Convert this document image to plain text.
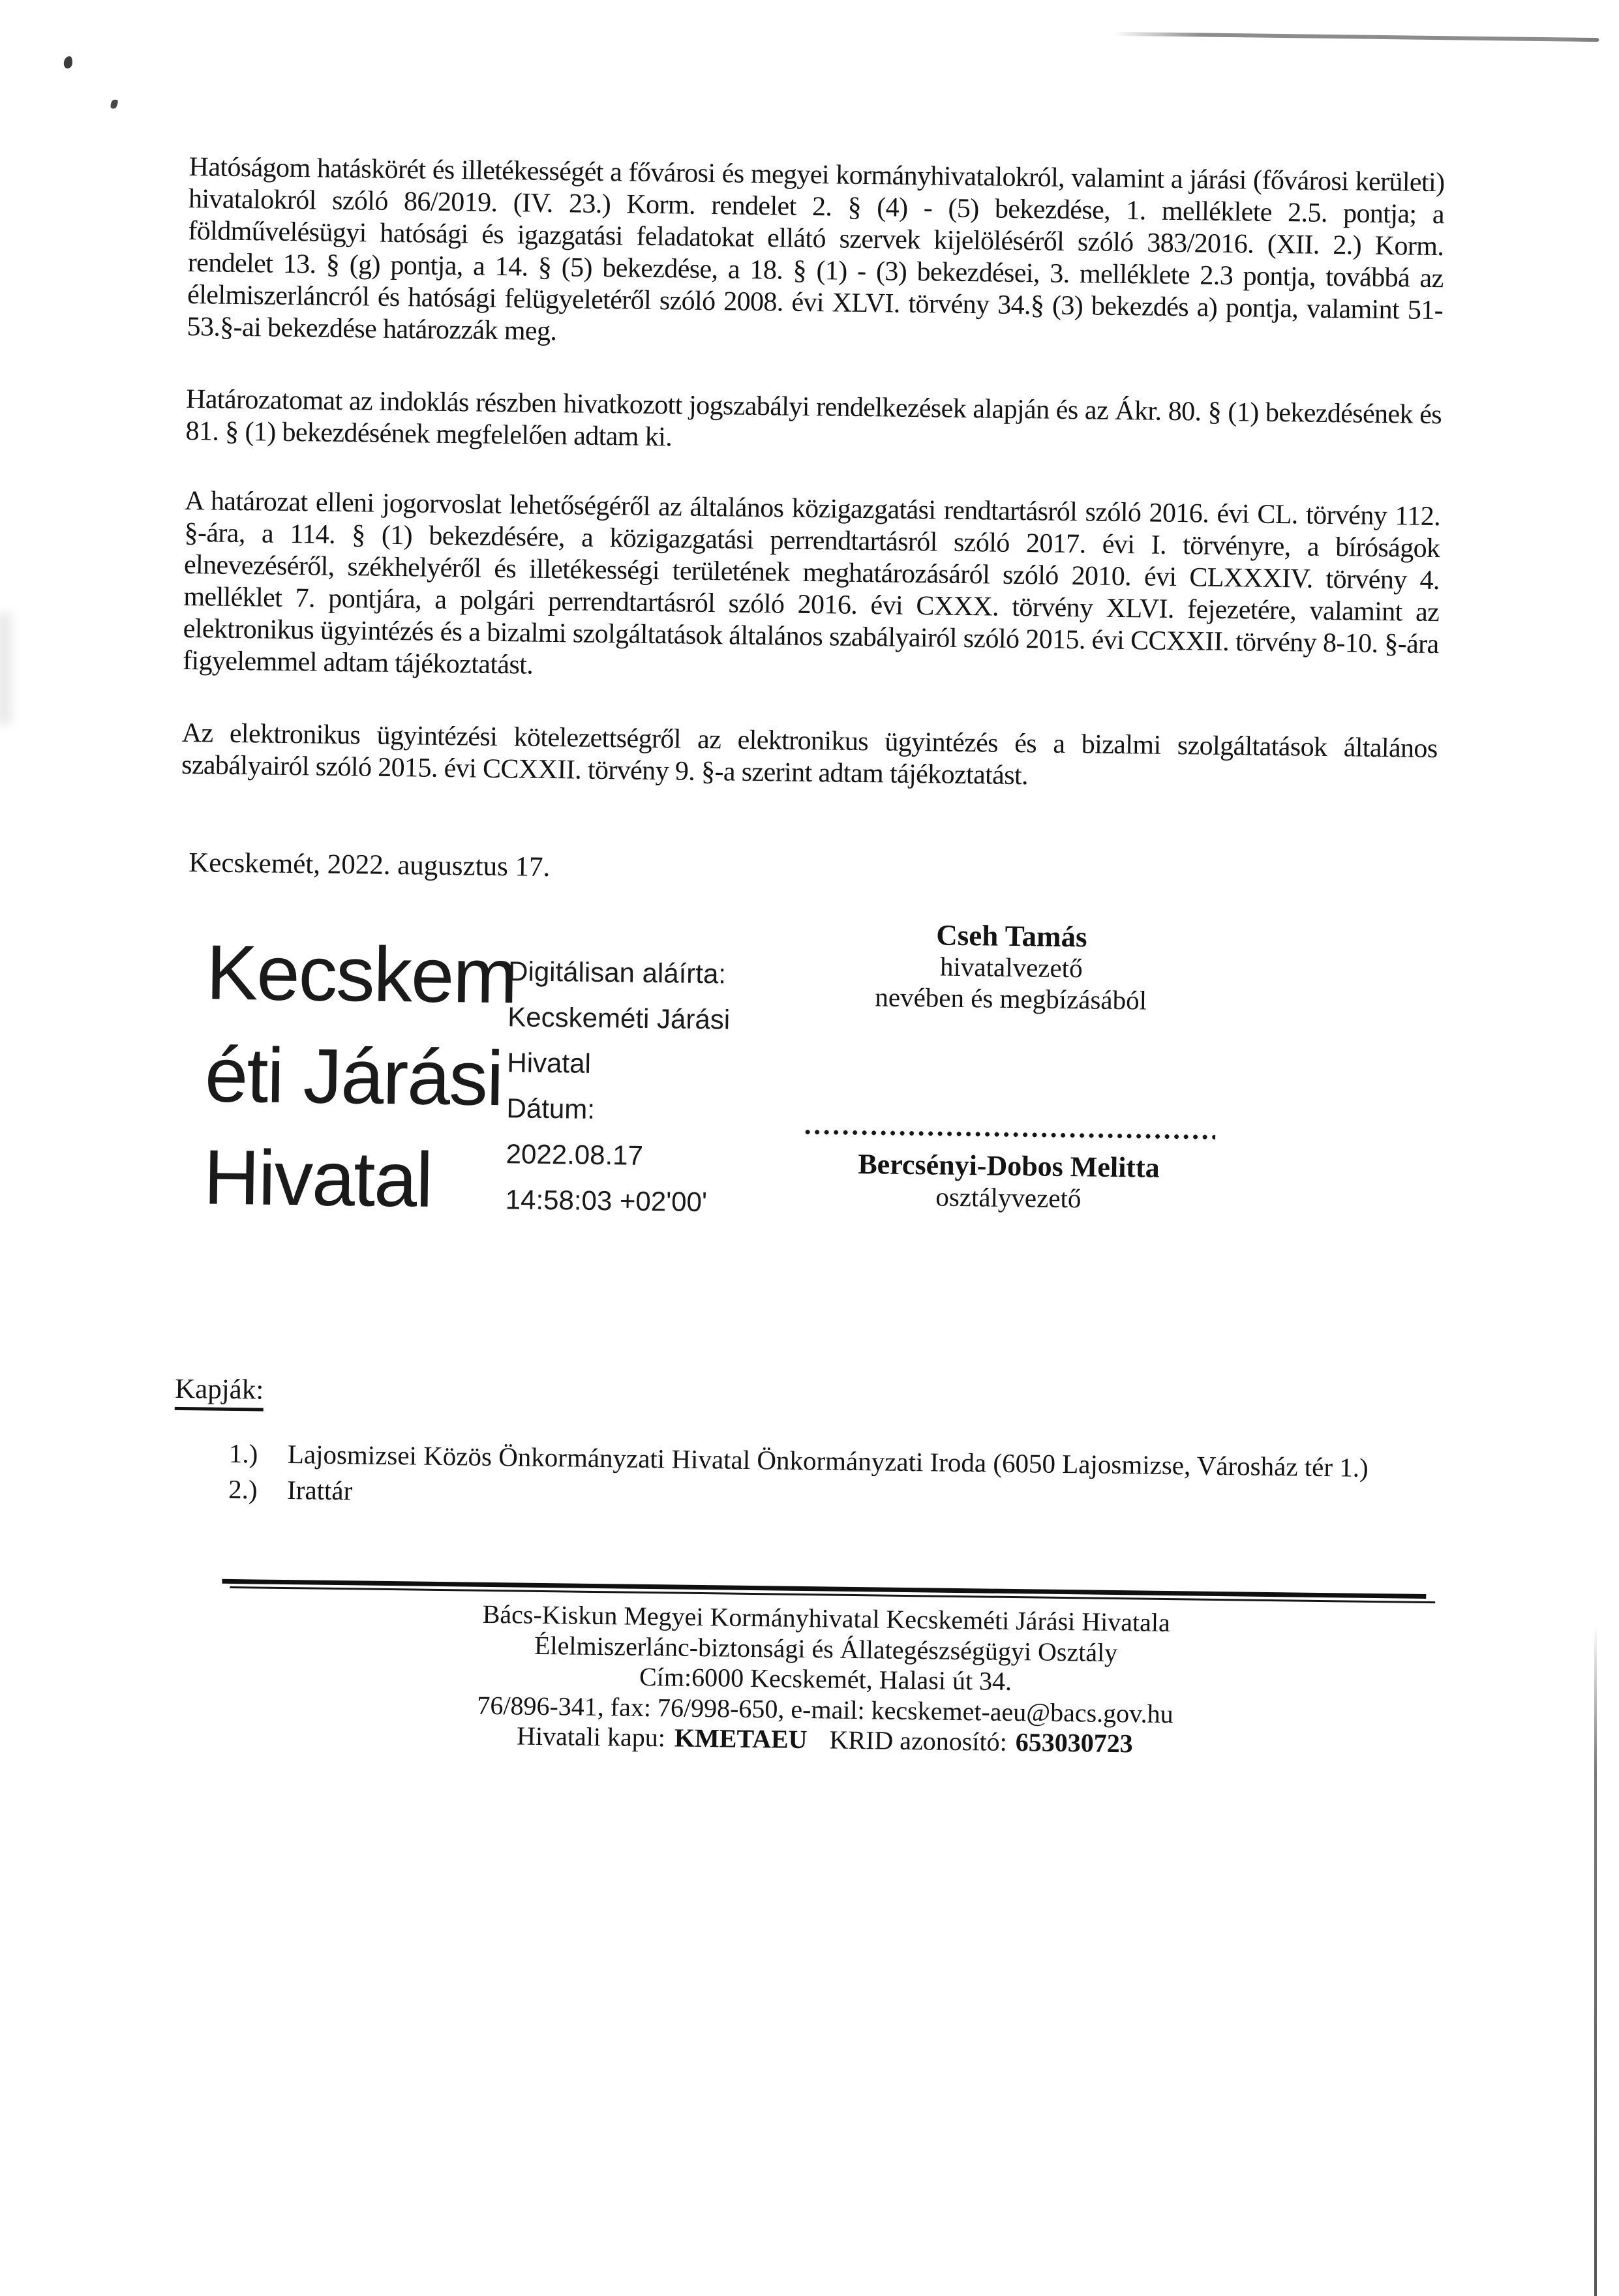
Hatóságom hatáskörét és illetékességét a fővárosi és megyei kormányhivatalokról, valamint a járási (fővárosi kerületi) hivatalokról szóló 86/2019. (IV. 23.) Korm. rendelet 2. § (4) - (5) bekezdése, 1. melléklete 2.5. pontja; a földművelésügyi hatósági és igazgatási feladatokat ellátó szervek kijelöléséről szóló 383/2016. (XII. 2.) Korm. rendelet 13. § (g) pontja, a 14. § (5) bekezdése, a 18. § (1) - (3) bekezdései, 3. melléklete 2.3 pontja, továbbá az élelmiszerláncról és hatósági felügyeletéről szóló 2008. évi XLVI. törvény 34.§ (3) bekezdés a) pontja, valamint 51-53.§-ai bekezdése határozzák meg.

Határozatomat az indoklás részben hivatkozott jogszabályi rendelkezések alapján és az Ákr. 80. § (1) bekezdésének és 81. § (1) bekezdésének megfelelően adtam ki.

A határozat elleni jogorvoslat lehetőségéről az általános közigazgatási rendtartásról szóló 2016. évi CL. törvény 112. §-ára, a 114. § (1) bekezdésére, a közigazgatási perrendtartásról szóló 2017. évi I. törvényre, a bíróságok elnevezéséről, székhelyéről és illetékességi területének meghatározásáról szóló 2010. évi CLXXXIV. törvény 4. melléklet 7. pontjára, a polgári perrendtartásról szóló 2016. évi CXXX. törvény XLVI. fejezetére, valamint az elektronikus ügyintézés és a bizalmi szolgáltatások általános szabályairól szóló 2015. évi CCXXII. törvény 8-10. §-ára figyelemmel adtam tájékoztatást.

Az elektronikus ügyintézési kötelezettségről az elektronikus ügyintézés és a bizalmi szolgáltatások általános szabályairól szóló 2015. évi CCXXII. törvény 9. §-a szerint adtam tájékoztatást.

Kecskemét, 2022. augusztus 17.

Kecskem
éti Járási
Hivatal
Digitálisan aláírta:
Kecskeméti Járási
Hivatal
Dátum:
2022.08.17
14:58:03 +02'00'

Cseh Tamás

hivatalvezető

nevében és megbízásából

Bercsényi-Dobos Melitta
osztályvezető
Kapják:
1.) Lajosmizsei Közös Önkormányzati Hivatal Önkormányzati Iroda (6050 Lajosmizse, Városház tér 1.)
2.) Irattár
Bács-Kiskun Megyei Kormányhivatal Kecskeméti Járási Hivatala
Élelmiszerlánc-biztonsági és Állategészségügyi Osztály
Cím:6000 Kecskemét, Halasi út 34.
76/896-341, fax: 76/998-650, e-mail: kecskemet-aeu@bacs.gov.hu
Hivatali kapu: KMETAEU KRID azonosító: 653030723
